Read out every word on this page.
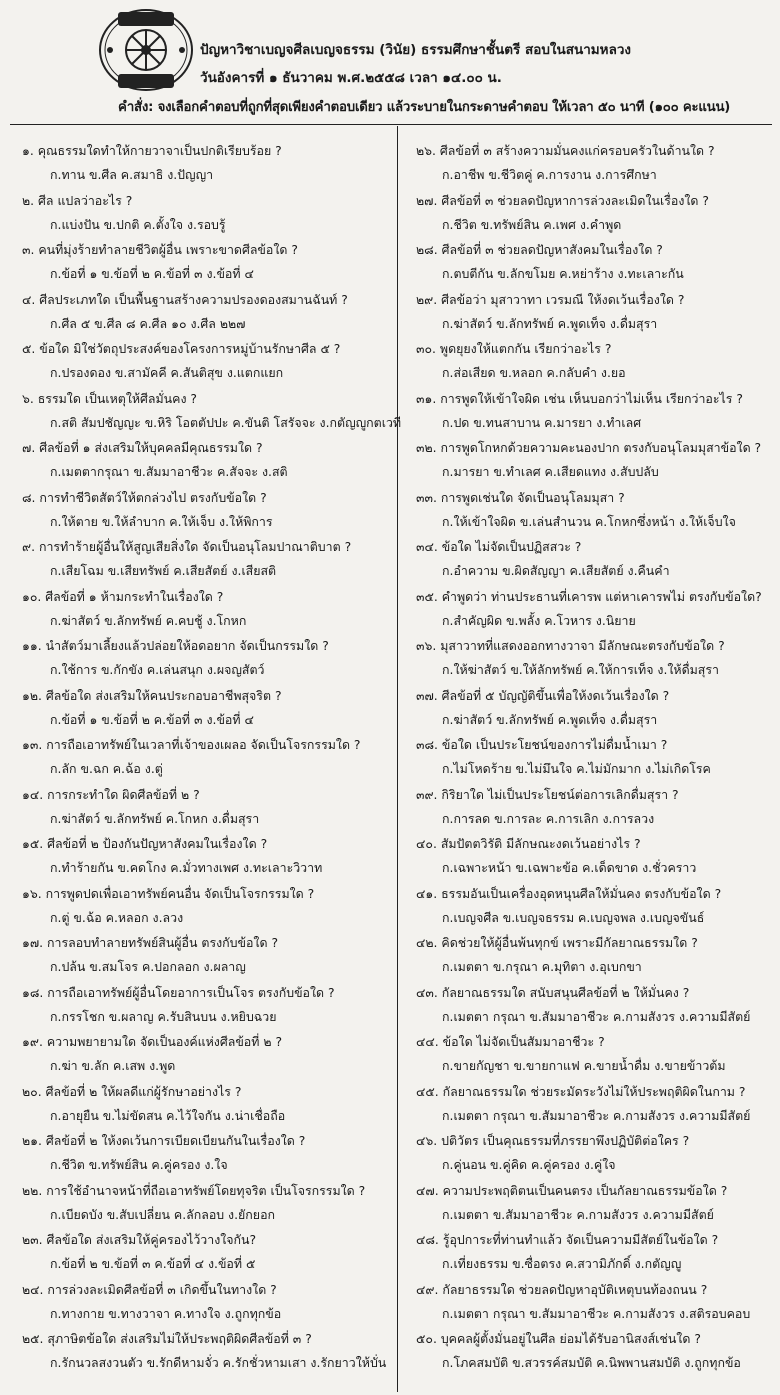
ปัญหาวิชาเบญจศีลเบญจธรรม (วินัย) ธรรมศึกษาชั้นตรี สอบในสนามหลวง
วันอังคารที่ ๑ ธันวาคม พ.ศ.๒๕๕๘ เวลา ๑๔.๐๐ น.
คำสั่ง: จงเลือกคำตอบที่ถูกที่สุดเพียงคำตอบเดียว แล้วระบายในกระดาษคำตอบ ให้เวลา ๕๐ นาที (๑๐๐ คะแนน)
๑. คุณธรรมใดทำให้กายวาจาเป็นปกติเรียบร้อย ?
ก.ทาน ข.ศีล ค.สมาธิ ง.ปัญญา
๒. ศีล แปลว่าอะไร ?
ก.แบ่งปัน ข.ปกติ ค.ตั้งใจ ง.รอบรู้
๓. คนที่มุ่งร้ายทำลายชีวิตผู้อื่น เพราะขาดศีลข้อใด ?
ก.ข้อที่ ๑ ข.ข้อที่ ๒ ค.ข้อที่ ๓ ง.ข้อที่ ๔
๔. ศีลประเภทใด เป็นพื้นฐานสร้างความปรองดองสมานฉันท์ ?
ก.ศีล ๕ ข.ศีล ๘ ค.ศีล ๑๐ ง.ศีล ๒๒๗
๕. ข้อใด มิใช่วัตถุประสงค์ของโครงการหมู่บ้านรักษาศีล ๕ ?
ก.ปรองดอง ข.สามัคคี ค.สันติสุข ง.แตกแยก
๖. ธรรมใด เป็นเหตุให้ศีลมั่นคง ?
ก.สติ สัมปชัญญะ ข.หิริ โอตตัปปะ ค.ขันติ โสรัจจะ ง.กตัญญูกตเวที
๗. ศีลข้อที่ ๑ ส่งเสริมให้บุคคลมีคุณธรรมใด ?
ก.เมตตากรุณา ข.สัมมาอาชีวะ ค.สัจจะ ง.สติ
๘. การทำชีวิตสัตว์ให้ตกล่วงไป ตรงกับข้อใด ?
ก.ให้ตาย ข.ให้ลำบาก ค.ให้เจ็บ ง.ให้พิการ
๙. การทำร้ายผู้อื่นให้สูญเสียสิ่งใด จัดเป็นอนุโลมปาณาติบาต ?
ก.เสียโฉม ข.เสียทรัพย์ ค.เสียสัตย์ ง.เสียสติ
๑๐. ศีลข้อที่ ๑ ห้ามกระทำในเรื่องใด ?
ก.ฆ่าสัตว์ ข.ลักทรัพย์ ค.คบชู้ ง.โกหก
๑๑. นำสัตว์มาเลี้ยงแล้วปล่อยให้อดอยาก จัดเป็นกรรมใด ?
ก.ใช้การ ข.กักขัง ค.เล่นสนุก ง.ผจญสัตว์
๑๒. ศีลข้อใด ส่งเสริมให้คนประกอบอาชีพสุจริต ?
ก.ข้อที่ ๑ ข.ข้อที่ ๒ ค.ข้อที่ ๓ ง.ข้อที่ ๔
๑๓. การถือเอาทรัพย์ในเวลาที่เจ้าของเผลอ จัดเป็นโจรกรรมใด ?
ก.ลัก ข.ฉก ค.ฉ้อ ง.ตู่
๑๔. การกระทำใด ผิดศีลข้อที่ ๒ ?
ก.ฆ่าสัตว์ ข.ลักทรัพย์ ค.โกหก ง.ดื่มสุรา
๑๕. ศีลข้อที่ ๒ ป้องกันปัญหาสังคมในเรื่องใด ?
ก.ทำร้ายกัน ข.คดโกง ค.มั่วทางเพศ ง.ทะเลาะวิวาท
๑๖. การพูดปดเพื่อเอาทรัพย์คนอื่น จัดเป็นโจรกรรมใด ?
ก.ตู่ ข.ฉ้อ ค.หลอก ง.ลวง
๑๗. การลอบทำลายทรัพย์สินผู้อื่น ตรงกับข้อใด ?
ก.ปล้น ข.สมโจร ค.ปอกลอก ง.ผลาญ
๑๘. การถือเอาทรัพย์ผู้อื่นโดยอาการเป็นโจร ตรงกับข้อใด ?
ก.กรรโชก ข.ผลาญ ค.รับสินบน ง.หยิบฉวย
๑๙. ความพยายามใด จัดเป็นองค์แห่งศีลข้อที่ ๒ ?
ก.ฆ่า ข.ลัก ค.เสพ ง.พูด
๒๐. ศีลข้อที่ ๒ ให้ผลดีแก่ผู้รักษาอย่างไร ?
ก.อายุยืน ข.ไม่ขัดสน ค.ไว้ใจกัน ง.น่าเชื่อถือ
๒๑. ศีลข้อที่ ๒ ให้งดเว้นการเบียดเบียนกันในเรื่องใด ?
ก.ชีวิต ข.ทรัพย์สิน ค.คู่ครอง ง.ใจ
๒๒. การใช้อำนาจหน้าที่ถือเอาทรัพย์โดยทุจริต เป็นโจรกรรมใด ?
ก.เบียดบัง ข.สับเปลี่ยน ค.ลักลอบ ง.ยักยอก
๒๓. ศีลข้อใด ส่งเสริมให้คู่ครองไว้วางใจกัน?
ก.ข้อที่ ๒ ข.ข้อที่ ๓ ค.ข้อที่ ๔ ง.ข้อที่ ๕
๒๔. การล่วงละเมิดศีลข้อที่ ๓ เกิดขึ้นในทางใด ?
ก.ทางกาย ข.ทางวาจา ค.ทางใจ ง.ถูกทุกข้อ
๒๕. สุภาษิตข้อใด ส่งเสริมไม่ให้ประพฤติผิดศีลข้อที่ ๓ ?
ก.รักนวลสงวนตัว ข.รักดีหามจั่ว ค.รักชั่วหามเสา ง.รักยาวให้บั่น
๒๖. ศีลข้อที่ ๓ สร้างความมั่นคงแก่ครอบครัวในด้านใด ?
ก.อาชีพ ข.ชีวิตคู่ ค.การงาน ง.การศึกษา
๒๗. ศีลข้อที่ ๓ ช่วยลดปัญหาการล่วงละเมิดในเรื่องใด ?
ก.ชีวิต ข.ทรัพย์สิน ค.เพศ ง.คำพูด
๒๘. ศีลข้อที่ ๓ ช่วยลดปัญหาสังคมในเรื่องใด ?
ก.ตบตีกัน ข.ลักขโมย ค.หย่าร้าง ง.ทะเลาะกัน
๒๙. ศีลข้อว่า มุสาวาทา เวรมณี ให้งดเว้นเรื่องใด ?
ก.ฆ่าสัตว์ ข.ลักทรัพย์ ค.พูดเท็จ ง.ดื่มสุรา
๓๐. พูดยุยงให้แตกกัน เรียกว่าอะไร ?
ก.ส่อเสียด ข.หลอก ค.กลับคำ ง.ยอ
๓๑. การพูดให้เข้าใจผิด เช่น เห็นบอกว่าไม่เห็น เรียกว่าอะไร ?
ก.ปด ข.ทนสาบาน ค.มารยา ง.ทำเลศ
๓๒. การพูดโกหกด้วยความคะนองปาก ตรงกับอนุโลมมุสาข้อใด ?
ก.มารยา ข.ทำเลศ ค.เสียดแทง ง.สับปลับ
๓๓. การพูดเช่นใด จัดเป็นอนุโลมมุสา ?
ก.ให้เข้าใจผิด ข.เล่นสำนวน ค.โกหกซึ่งหน้า ง.ให้เจ็บใจ
๓๔. ข้อใด ไม่จัดเป็นปฏิสสวะ ?
ก.อำความ ข.ผิดสัญญา ค.เสียสัตย์ ง.คืนคำ
๓๕. คำพูดว่า ท่านประธานที่เคารพ แต่หาเคารพไม่ ตรงกับข้อใด?
ก.สำคัญผิด ข.พลั้ง ค.โวหาร ง.นิยาย
๓๖. มุสาวาทที่แสดงออกทางวาจา มีลักษณะตรงกับข้อใด ?
ก.ให้ฆ่าสัตว์ ข.ให้ลักทรัพย์ ค.ให้การเท็จ ง.ให้ดื่มสุรา
๓๗. ศีลข้อที่ ๕ บัญญัติขึ้นเพื่อให้งดเว้นเรื่องใด ?
ก.ฆ่าสัตว์ ข.ลักทรัพย์ ค.พูดเท็จ ง.ดื่มสุรา
๓๘. ข้อใด เป็นประโยชน์ของการไม่ดื่มน้ำเมา ?
ก.ไม่โหดร้าย ข.ไม่มึนใจ ค.ไม่มักมาก ง.ไม่เกิดโรค
๓๙. กิริยาใด ไม่เป็นประโยชน์ต่อการเลิกดื่มสุรา ?
ก.การลด ข.การละ ค.การเลิก ง.การลวง
๔๐. สัมปัตตวิรัติ มีลักษณะงดเว้นอย่างไร ?
ก.เฉพาะหน้า ข.เฉพาะข้อ ค.เด็ดขาด ง.ชั่วคราว
๔๑. ธรรมอันเป็นเครื่องอุดหนุนศีลให้มั่นคง ตรงกับข้อใด ?
ก.เบญจศีล ข.เบญจธรรม ค.เบญจพล ง.เบญจขันธ์
๔๒. คิดช่วยให้ผู้อื่นพ้นทุกข์ เพราะมีกัลยาณธรรมใด ?
ก.เมตตา ข.กรุณา ค.มุทิตา ง.อุเบกขา
๔๓. กัลยาณธรรมใด สนับสนุนศีลข้อที่ ๒ ให้มั่นคง ?
ก.เมตตา กรุณา ข.สัมมาอาชีวะ ค.กามสังวร ง.ความมีสัตย์
๔๔. ข้อใด ไม่จัดเป็นสัมมาอาชีวะ ?
ก.ขายกัญชา ข.ขายกาแฟ ค.ขายน้ำดื่ม ง.ขายข้าวต้ม
๔๕. กัลยาณธรรมใด ช่วยระมัดระวังไม่ให้ประพฤติผิดในกาม ?
ก.เมตตา กรุณา ข.สัมมาอาชีวะ ค.กามสังวร ง.ความมีสัตย์
๔๖. ปติวัตร เป็นคุณธรรมที่ภรรยาพึงปฏิบัติต่อใคร ?
ก.คู่นอน ข.คู่คิด ค.คู่ครอง ง.คู่ใจ
๔๗. ความประพฤติตนเป็นคนตรง เป็นกัลยาณธรรมข้อใด ?
ก.เมตตา ข.สัมมาอาชีวะ ค.กามสังวร ง.ความมีสัตย์
๔๘. รู้อุปการะที่ท่านทำแล้ว จัดเป็นความมีสัตย์ในข้อใด ?
ก.เที่ยงธรรม ข.ซื่อตรง ค.สวามิภักดิ์ ง.กตัญญู
๔๙. กัลยาธรรมใด ช่วยลดปัญหาอุบัติเหตุบนท้องถนน ?
ก.เมตตา กรุณา ข.สัมมาอาชีวะ ค.กามสังวร ง.สติรอบคอบ
๕๐. บุคคลผู้ตั้งมั่นอยู่ในศีล ย่อมได้รับอานิสงส์เช่นใด ?
ก.โภคสมบัติ ข.สวรรค์สมบัติ ค.นิพพานสมบัติ ง.ถูกทุกข้อ
